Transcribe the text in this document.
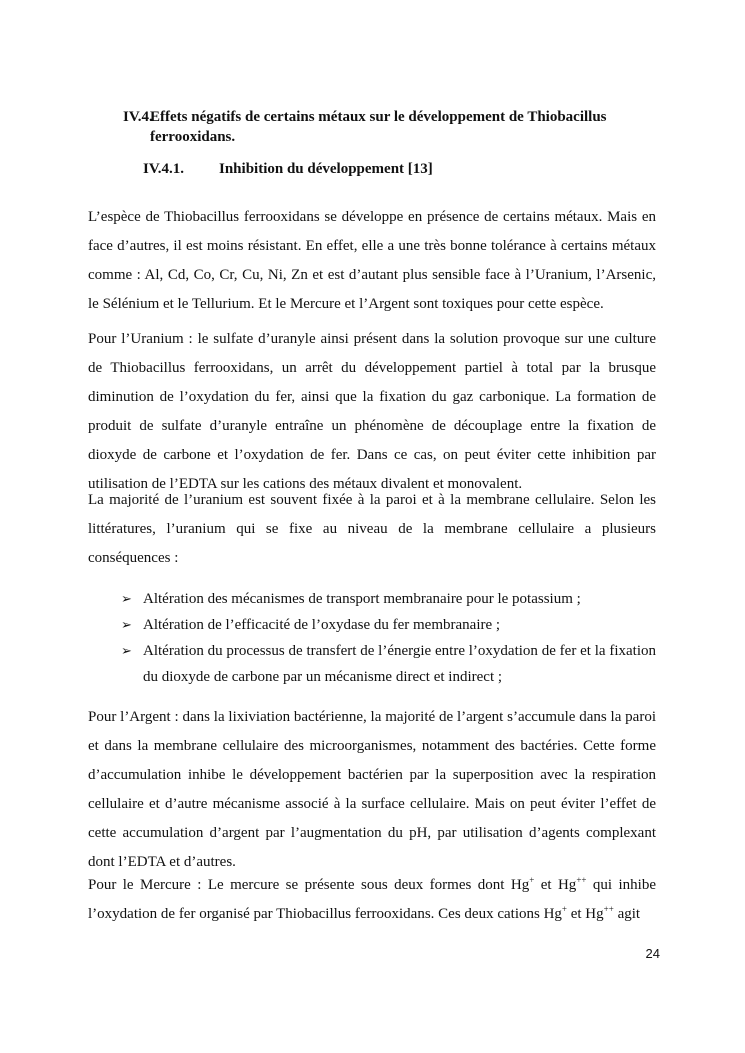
IV.4.Effets négatifs de certains métaux sur le développement de Thiobacillus
ferrooxidans.
IV.4.1. Inhibition du développement [13]

L’espèce de Thiobacillus ferrooxidans se développe en présence de certains métaux. Mais en face d’autres, il est moins résistant. En effet, elle a une très bonne tolérance à certains métaux comme : Al, Cd, Co, Cr, Cu, Ni, Zn et est d’autant plus sensible face à l’Uranium, l’Arsenic, le Sélénium et le Tellurium. Et le Mercure et l’Argent sont toxiques pour cette espèce.

Pour l’Uranium : le sulfate d’uranyle ainsi présent dans la solution provoque sur une culture de Thiobacillus ferrooxidans, un arrêt du développement partiel à total par la brusque diminution de l’oxydation du fer, ainsi que la fixation du gaz carbonique. La formation de produit de sulfate d’uranyle entraîne un phénomène de découplage entre la fixation de dioxyde de carbone et l’oxydation de fer. Dans ce cas, on peut éviter cette inhibition par utilisation de l’EDTA sur les cations des métaux divalent et monovalent.

La majorité de l’uranium est souvent fixée à la paroi et à la membrane cellulaire. Selon les littératures, l’uranium qui se fixe au niveau de la membrane cellulaire a plusieurs conséquences :

➢ Altération des mécanismes de transport membranaire pour le potassium ;
➢ Altération de l’efficacité de l’oxydase du fer membranaire ;
➢ Altération du processus de transfert de l’énergie entre l’oxydation de fer et la fixation du dioxyde de carbone par un mécanisme direct et indirect ;

Pour l’Argent : dans la lixiviation bactérienne, la majorité de l’argent s’accumule dans la paroi et dans la membrane cellulaire des microorganismes, notamment des bactéries. Cette forme d’accumulation inhibe le développement bactérien par la superposition avec la respiration cellulaire et d’autre mécanisme associé à la surface cellulaire. Mais on peut éviter l’effet de cette accumulation d’argent par l’augmentation du pH, par utilisation d’agents complexant dont l’EDTA et d’autres.

Pour le Mercure : Le mercure se présente sous deux formes dont Hg+ et Hg++ qui inhibe l’oxydation de fer organisé par Thiobacillus ferrooxidans. Ces deux cations Hg+ et Hg++ agit

24
